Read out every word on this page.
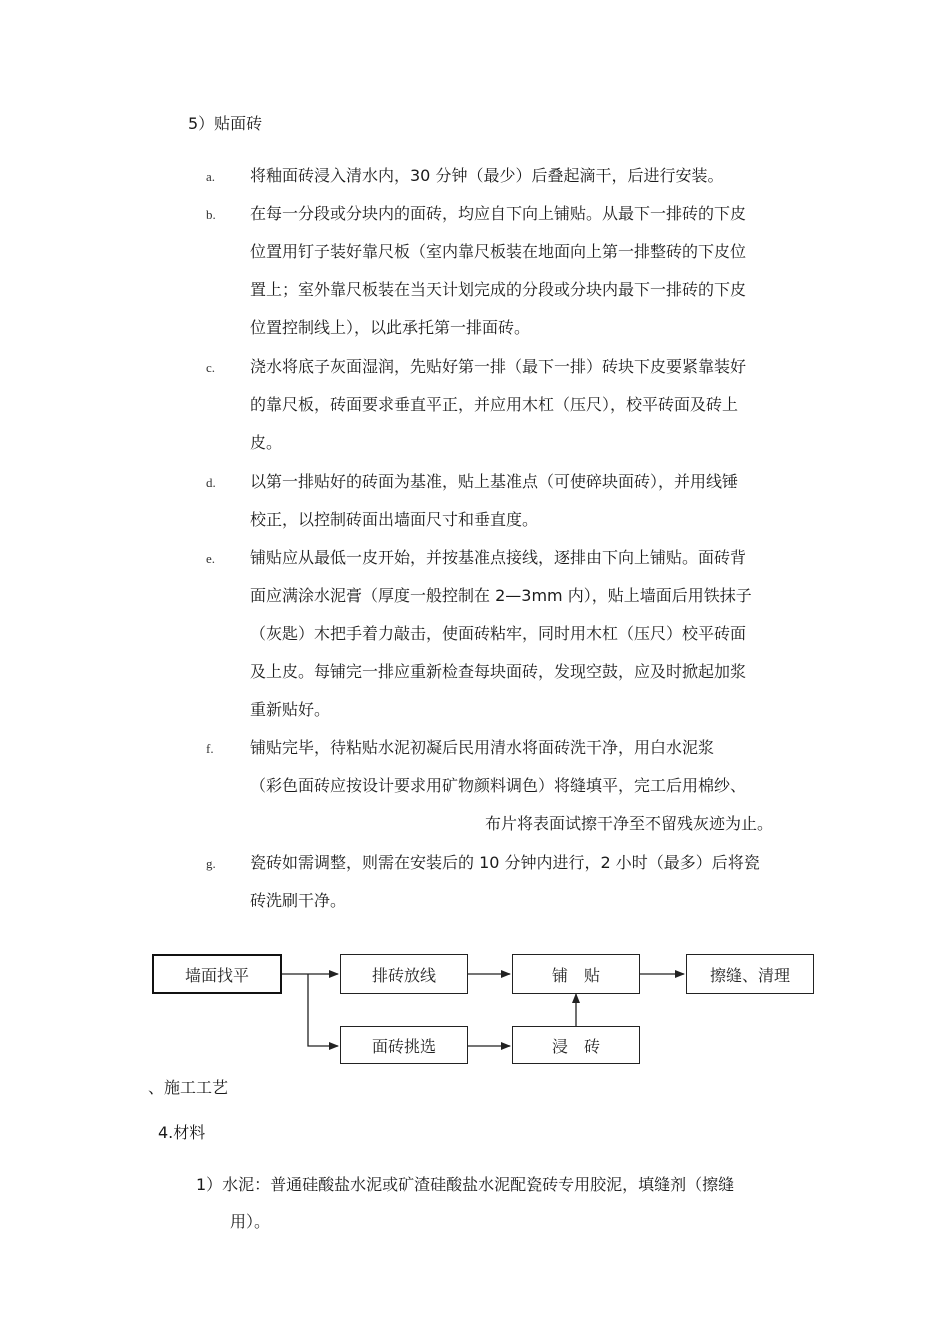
5）贴面砖
a. 将釉面砖浸入清水内，30 分钟（最少）后叠起滴干，后进行安装。
b. 在每一分段或分块内的面砖，均应自下向上铺贴。从最下一排砖的下皮
位置用钉子装好靠尺板（室内靠尺板装在地面向上第一排整砖的下皮位
置上；室外靠尺板装在当天计划完成的分段或分块内最下一排砖的下皮
位置控制线上），以此承托第一排面砖。
c. 浇水将底子灰面湿润，先贴好第一排（最下一排）砖块下皮要紧靠装好
的靠尺板，砖面要求垂直平正，并应用木杠（压尺），校平砖面及砖上
皮。
d. 以第一排贴好的砖面为基准，贴上基准点（可使碎块面砖），并用线锤
校正，以控制砖面出墙面尺寸和垂直度。
e. 铺贴应从最低一皮开始，并按基准点接线，逐排由下向上铺贴。面砖背
面应满涂水泥膏（厚度一般控制在 2—3mm 内），贴上墙面后用铁抹子
（灰匙）木把手着力敲击，使面砖粘牢，同时用木杠（压尺）校平砖面
及上皮。每铺完一排应重新检查每块面砖，发现空鼓，应及时掀起加浆
重新贴好。
f. 铺贴完毕，待粘贴水泥初凝后民用清水将面砖洗干净，用白水泥浆
（彩色面砖应按设计要求用矿物颜料调色）将缝填平，完工后用棉纱、
布片将表面试擦干净至不留残灰迹为止。
g. 瓷砖如需调整，则需在安装后的 10 分钟内进行，2 小时（最多）后将瓷
砖洗刷干净。
墙面找平	排砖放线	铺　贴	擦缝、清理
面砖挑选	浸　砖
、施工工艺
4.材料
1）水泥：普通硅酸盐水泥或矿渣硅酸盐水泥配瓷砖专用胶泥，填缝剂（擦缝
用）。
